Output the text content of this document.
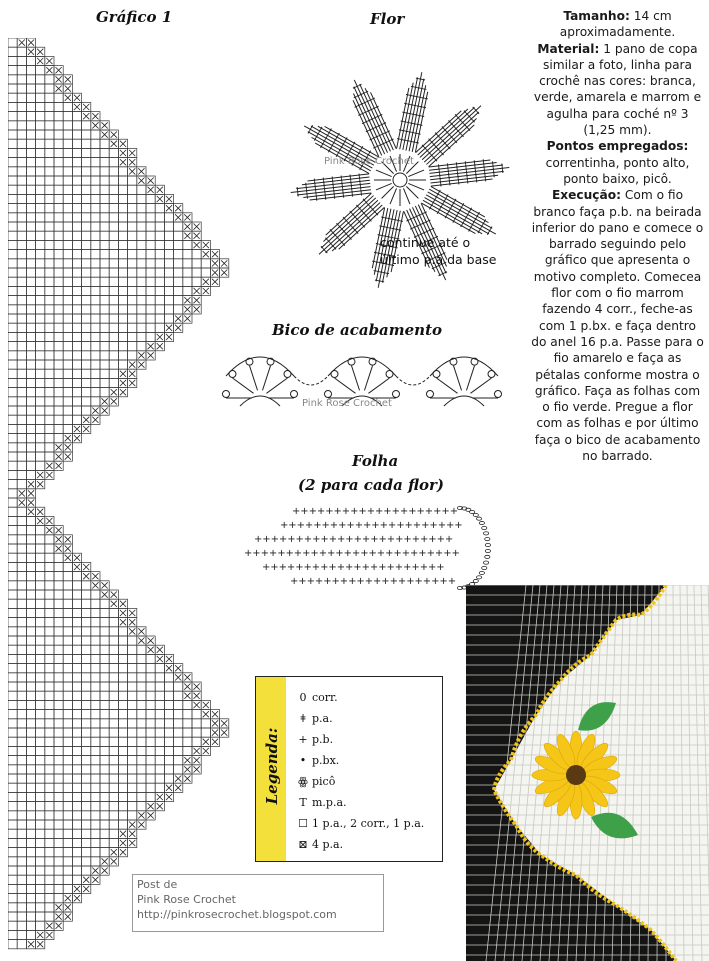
Gráfico 1	Flor
Pink Rose Crochet
continue até o
último p.a da base
Bico de acabamento
Pink Rose Crochet
Folha
(2 para cada flor)
+ + + + + + + + + + + + + + + + + + + +
+ + + + + + + + + + + + + + + + + + + + + +
+ + + + + + + + + + + + + + + + + + + + + + + +
+ + + + + + + + + + + + + + + + + + + + + + + + + +
+ + + + + + + + + + + + + + + + + + + + + +
+ + + + + + + + + + + + + + + + + + + +
Tamanho: 14 cm aproximadamente.
Material: 1 pano de copa similar a foto, linha para crochê nas cores: branca, verde, amarela e marrom e agulha para coché nº 3 (1,25 mm).
Pontos empregados: correntinha, ponto alto, ponto baixo, picô.
Execução: Com o fio branco faça p.b. na beirada inferior do pano e comece o barrado seguindo pelo gráfico que apresenta o motivo completo. Comecea flor com o fio marrom fazendo 4 corr., feche-as com 1 p.bx. e faça dentro do anel 16 p.a. Passe para o fio amarelo e faça as pétalas conforme mostra o gráfico. Faça as folhas com o fio verde. Pregue a flor com as folhas e por último faça o bico de acabamento no barrado.
Legenda:
0 corr.
ǂ p.a.
+ p.b.
• p.bx.
ꙮ picô
T m.p.a.
☐ 1 p.a., 2 corr., 1 p.a.
⊠ 4 p.a.
Post de
Pink Rose Crochet
http://pinkrosecrochet.blogspot.com
